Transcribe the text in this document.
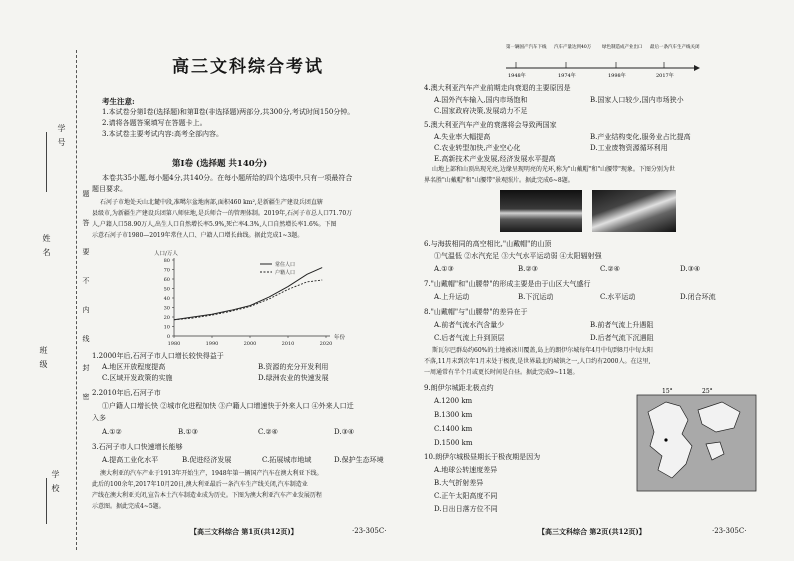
学号
姓名
班级
学校
题
答
要
不
内
线
封
密
高三文科综合考试
考生注意:
1.本试卷分第Ⅰ卷(选择题)和第Ⅱ卷(非选择题)两部分,共300分,考试时间150分钟。
2.请将各题答案填写在答题卡上。
3.本试卷主要考试内容:高考全部内容。
第Ⅰ卷 (选择题 共140分)
本卷共35小题,每小题4分,共140分。在每小题所给的四个选项中,只有一项最符合
题目要求。
石河子市地处天山北麓中段,准噶尔盆地南部,面积460 km²,是新疆生产建设兵团直辖
县级市,为新疆生产建设兵团第八师驻地,是兵师合一的管理体制。2019年,石河子市总人口71.70万
人,户籍人口58.90万人,出生人口自然增长率5.9%,死亡率4.3%,人口自然增长率1.6%。下图
示意石河子市1980—2019年常住人口、户籍人口增长曲线。据此完成1~3题。
人口/万人
年份
0
10
20
30
40
50
60
70
80
1980	1990	2000	2010	2020
常住人口
户籍人口
1.2000年后,石河子市人口增长较快得益于
A.地区开放程度提高	B.资源的充分开发利用
C.区域开发政策的实施	D.绿洲农业的快速发展
2.2010年后,石河子市
①户籍人口增长快 ②城市化进程加快 ③户籍人口增速快于外来人口 ④外来人口迁
入多
A.①②	B.①③	C.②④	D.③④
3.石河子市人口快速增长能够
A.提高工业化水平	B.促进经济发展	C.拓展城市地域	D.保护生态环境
澳大利亚的汽车产业于1913年开始生产，1948年第一辆国产汽车在澳大利亚下线。
此后的100余年,2017年10月20日,澳大利亚最后一条汽车生产线关闭,汽车制造业
产线在澳大利亚关闭,宣告本土汽车制造业成为历史。下图为澳大利亚汽车产业发展历程
示意图。据此完成4~5题。
【高三文科综合 第1页(共12页)】	·23-305C·
第一辆国产汽车下线 汽车产量达到40万 绿色制造成产业出口 最后一条汽车生产线关闭
1948年	1974年	1998年	2017年
4.澳大利亚汽车产业前期走向衰退的主要原因是
A.国外汽车输入,国内市场饱和	B.国家人口较少,国内市场狭小
C.国家政府决策,发展动力不足
5.澳大利亚汽车产业的衰落将会导致两国家
A.失业率大幅提高	B.产业结构变化,服务业占比提高
C.农业转型加快,产业空心化	D.工业废物资源循环利用
E.高新技术产业发展,经济发展水平提高
山地上部和山顶出现光亮,边缘呈现明亮的光环,称为"山戴帽"和"山腰带"现象。下图分别为世
界名胜"山戴帽"和"山腰带"景观照片。据此完成6~8题。
6.与海拔相同的高空相比,"山戴帽"的山顶
①气温低 ②水汽充足 ③大气水平运动弱 ④太阳辐射强
A.①③	B.②③	C.②④	D.③④
7."山戴帽"和"山腰带"的形成主要是由于山区大气盛行
A.上升运动	B.下沉运动	C.水平运动	D.闭合环流
8."山戴帽"与"山腰带"的差异在于
A.前者气流水汽含量少	B.前者气流上升遇阻
C.后者气流上升到顶层	D.后者气流下沉遇阻
斯瓦尔巴群岛约60%的土地被冰川覆盖,岛上的朗伊尔城每年4月中旬到8月中旬太阳
不落,11月末到次年1月末处于极夜,是世界最北的城镇之一,人口约有2000人。在这里,
一周通常有半个月或更长时间是白昼。据此完成9~11题。
15°	25°
9.朗伊尔城距北极点约
A.1200 km
B.1300 km
C.1400 km
D.1500 km
10.朗伊尔城极昼期长于极夜期是因为
A.地球公转速度差异
B.大气折射差异
C.正午太阳高度不同
D.日出日落方位不同
【高三文科综合 第2页(共12页)】	·23-305C·
